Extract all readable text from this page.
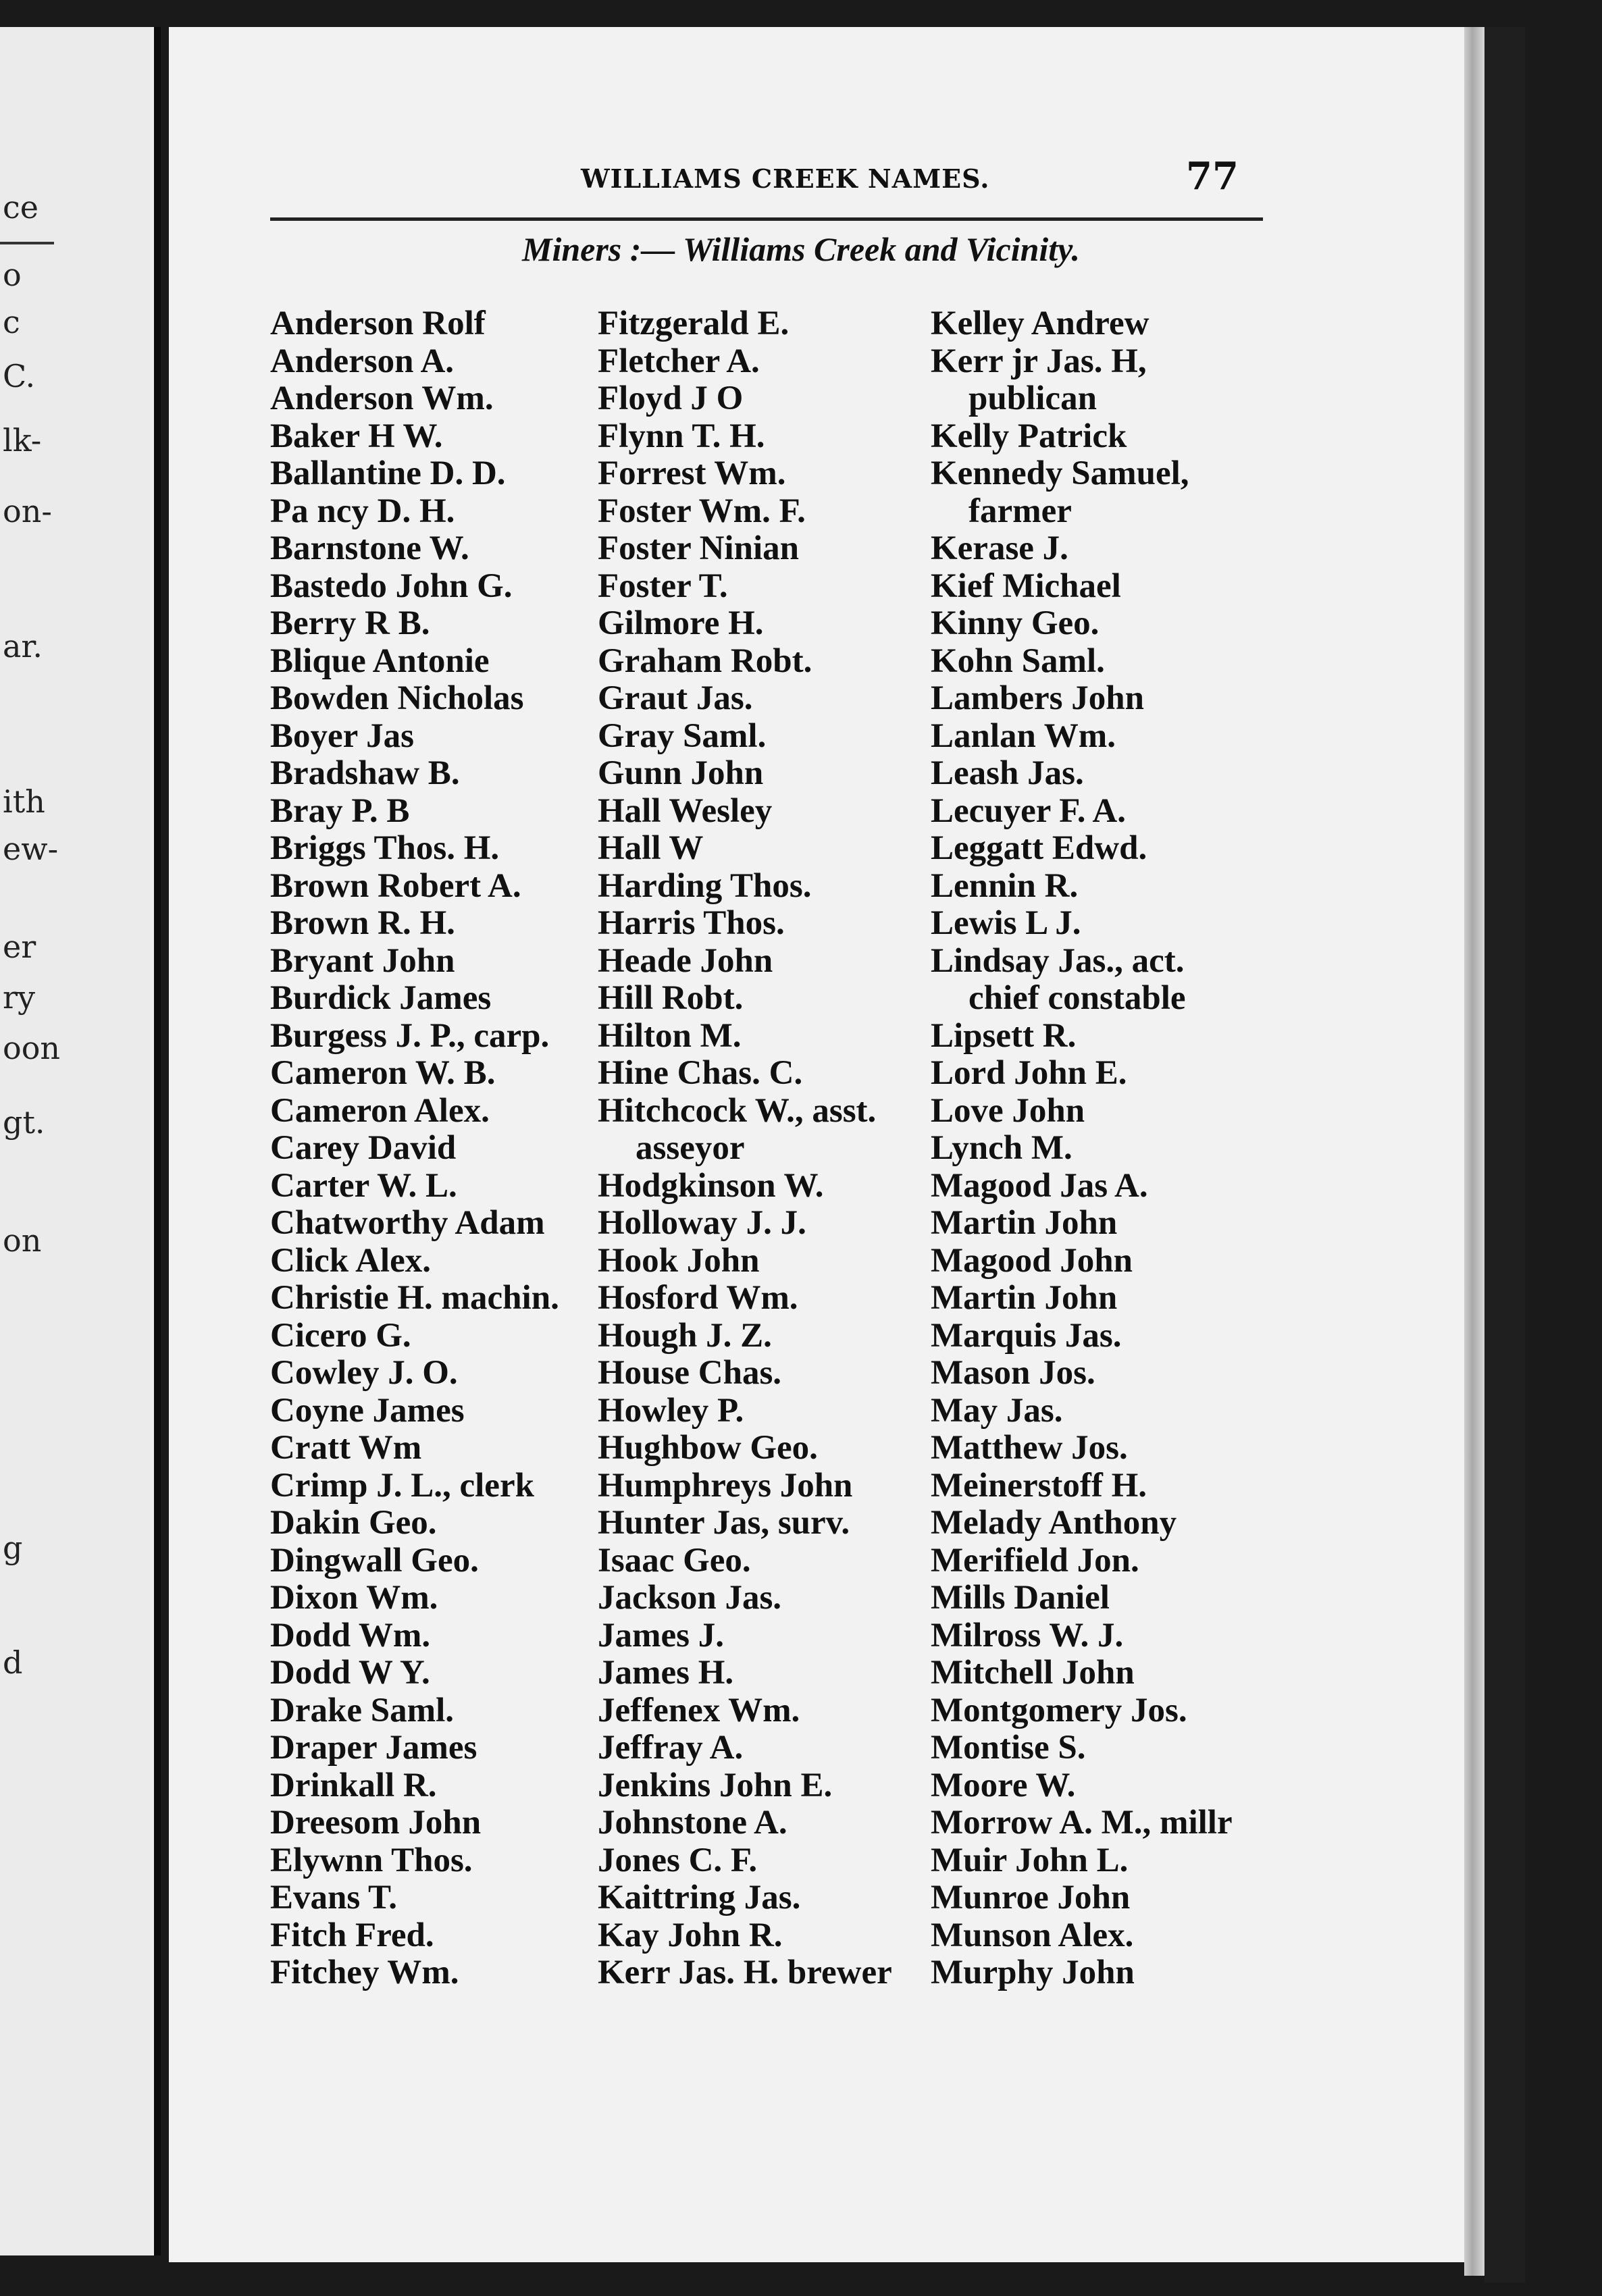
ce
o
c
C.
lk-
on-
ar.
ith
ew-
er
ry
oon
gt.
on
g
d
WILLIAMS CREEK NAMES.	77
Miners :— Williams Creek and Vicinity.
Anderson Rolf
Anderson A.
Anderson Wm.
Baker H W.
Ballantine D. D.
Pa ncy D. H.
Barnstone W.
Bastedo John G.
Berry R B.
Blique Antonie
Bowden Nicholas
Boyer Jas
Bradshaw B.
Bray P. B
Briggs Thos. H.
Brown Robert A.
Brown R. H.
Bryant John
Burdick James
Burgess J. P., carp.
Cameron W. B.
Cameron Alex.
Carey David
Carter W. L.
Chatworthy Adam
Click Alex.
Christie H. machin.
Cicero G.
Cowley J. O.
Coyne James
Cratt Wm
Crimp J. L., clerk
Dakin Geo.
Dingwall Geo.
Dixon Wm.
Dodd Wm.
Dodd W Y.
Drake Saml.
Draper James
Drinkall R.
Dreesom John
Elywnn Thos.
Evans T.
Fitch Fred.
Fitchey Wm.
Fitzgerald E.
Fletcher A.
Floyd J O
Flynn T. H.
Forrest Wm.
Foster Wm. F.
Foster Ninian
Foster T.
Gilmore H.
Graham Robt.
Graut Jas.
Gray Saml.
Gunn John
Hall Wesley
Hall W
Harding Thos.
Harris Thos.
Heade John
Hill Robt.
Hilton M.
Hine Chas. C.
Hitchcock W., asst.
asseyor
Hodgkinson W.
Holloway J. J.
Hook John
Hosford Wm.
Hough J. Z.
House Chas.
Howley P.
Hughbow Geo.
Humphreys John
Hunter Jas, surv.
Isaac Geo.
Jackson Jas.
James J.
James H.
Jeffenex Wm.
Jeffray A.
Jenkins John E.
Johnstone A.
Jones C. F.
Kaittring Jas.
Kay John R.
Kerr Jas. H. brewer
Kelley Andrew
Kerr jr Jas. H,
publican
Kelly Patrick
Kennedy Samuel,
farmer
Kerase J.
Kief Michael
Kinny Geo.
Kohn Saml.
Lambers John
Lanlan Wm.
Leash Jas.
Lecuyer F. A.
Leggatt Edwd.
Lennin R.
Lewis L J.
Lindsay Jas., act.
chief constable
Lipsett R.
Lord John E.
Love John
Lynch M.
Magood Jas A.
Martin John
Magood John
Martin John
Marquis Jas.
Mason Jos.
May Jas.
Matthew Jos.
Meinerstoff H.
Melady Anthony
Merifield Jon.
Mills Daniel
Milross W. J.
Mitchell John
Montgomery Jos.
Montise S.
Moore W.
Morrow A. M., millr
Muir John L.
Munroe John
Munson Alex.
Murphy John
